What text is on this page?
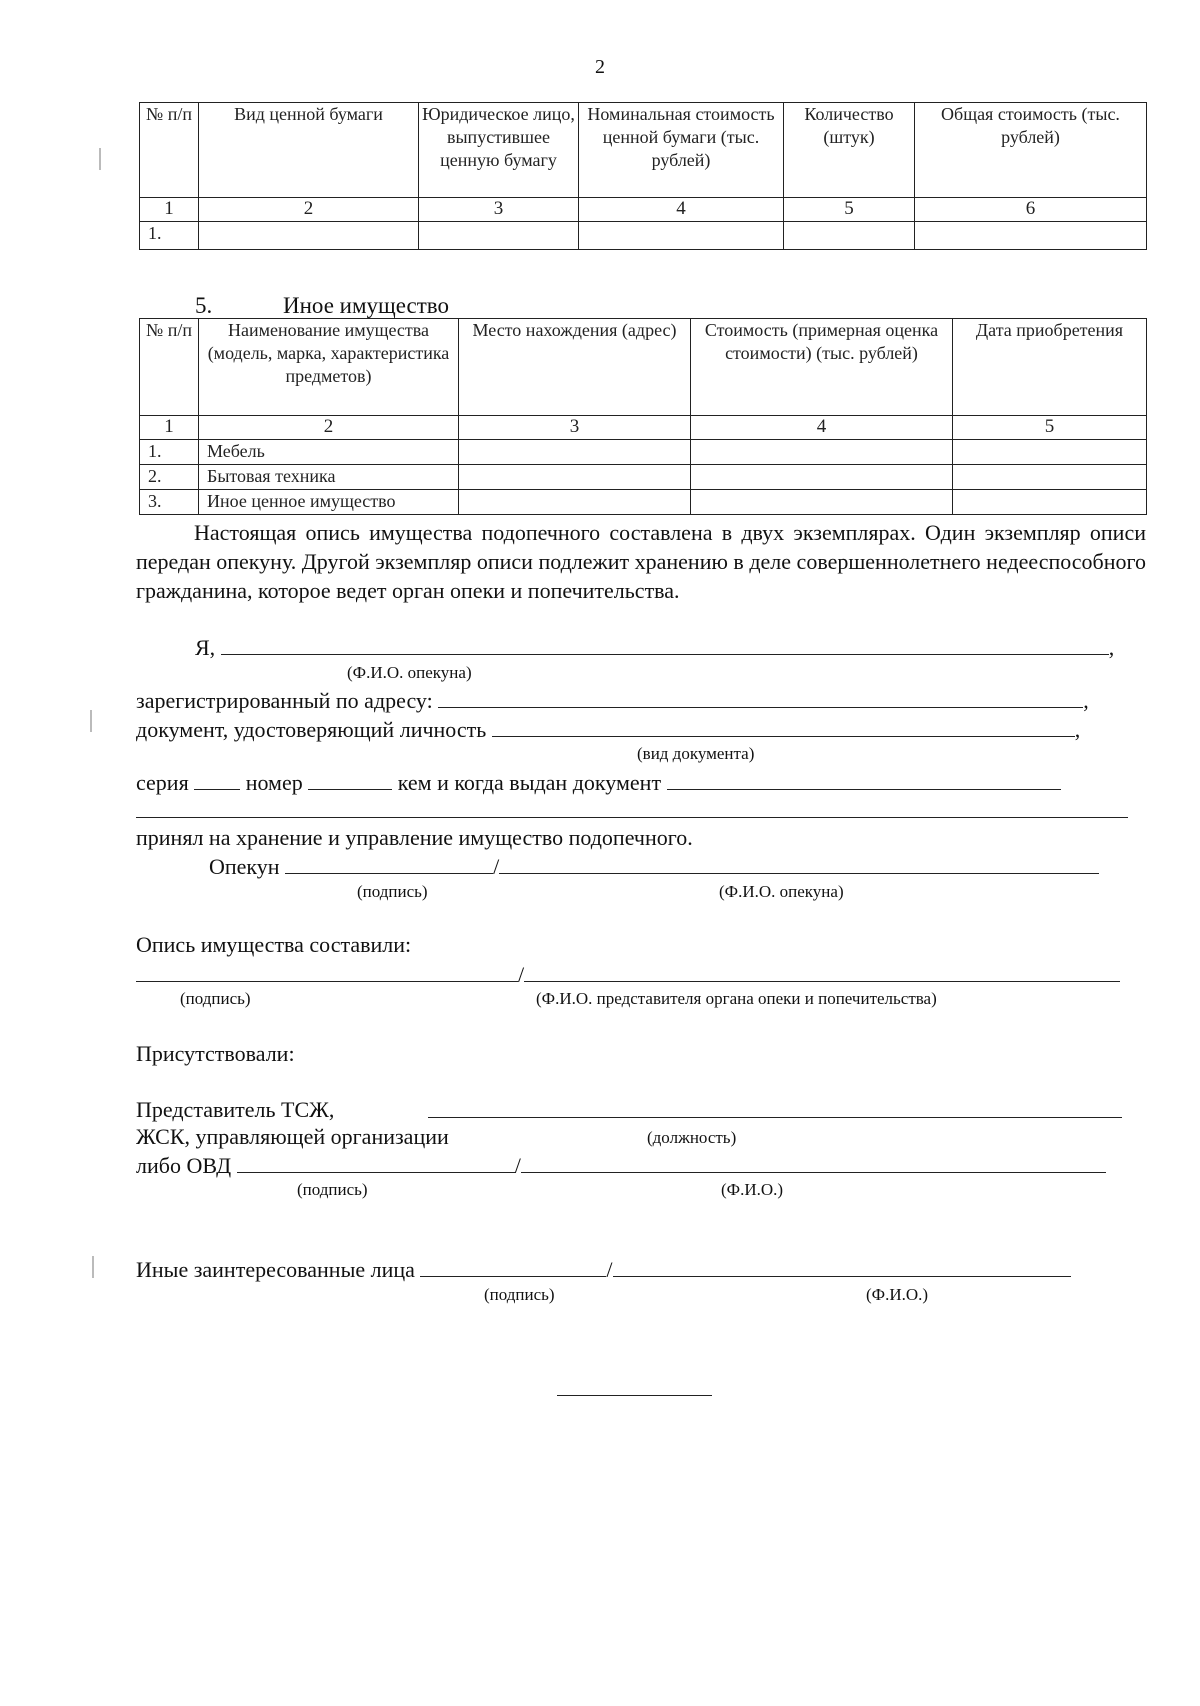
2
№ п/п	Вид ценной бумаги	Юридическое лицо, выпустившее ценную бумагу	Номинальная стоимость ценной бумаги (тыс. рублей)	Количество (штук)	Общая стоимость (тыс. рублей)
1	2	3	4	5	6
1.					
5.	Иное имущество
№ п/п	Наименование имущества (модель, марка, характеристика предметов)	Место нахождения (адрес)	Стоимость (примерная оценка стоимости) (тыс. рублей)	Дата приобретения
1	2	3	4	5
1.	Мебель			
2.	Бытовая техника			
3.	Иное ценное имущество			
Настоящая опись имущества подопечного составлена в двух экземплярах. Один экземпляр описи передан опекуну. Другой экземпляр описи подлежит хранению в деле совершеннолетнего недееспособного гражданина, которое ведет орган опеки и попечительства.
Я,	,
(Ф.И.О. опекуна)
зарегистрированный по адресу:	,
документ, удостоверяющий личность	,
(вид документа)
серия	номер	кем и когда выдан документ
принял на хранение и управление имущество подопечного.
Опекун	/
(подпись)	(Ф.И.О. опекуна)
Опись имущества составили:
/
(подпись)	(Ф.И.О. представителя органа опеки и попечительства)
Присутствовали:
Представитель ТСЖ,
ЖСК, управляющей организации	(должность)
либо ОВД	/
(подпись)	(Ф.И.О.)
Иные заинтересованные лица	/
(подпись)	(Ф.И.О.)
